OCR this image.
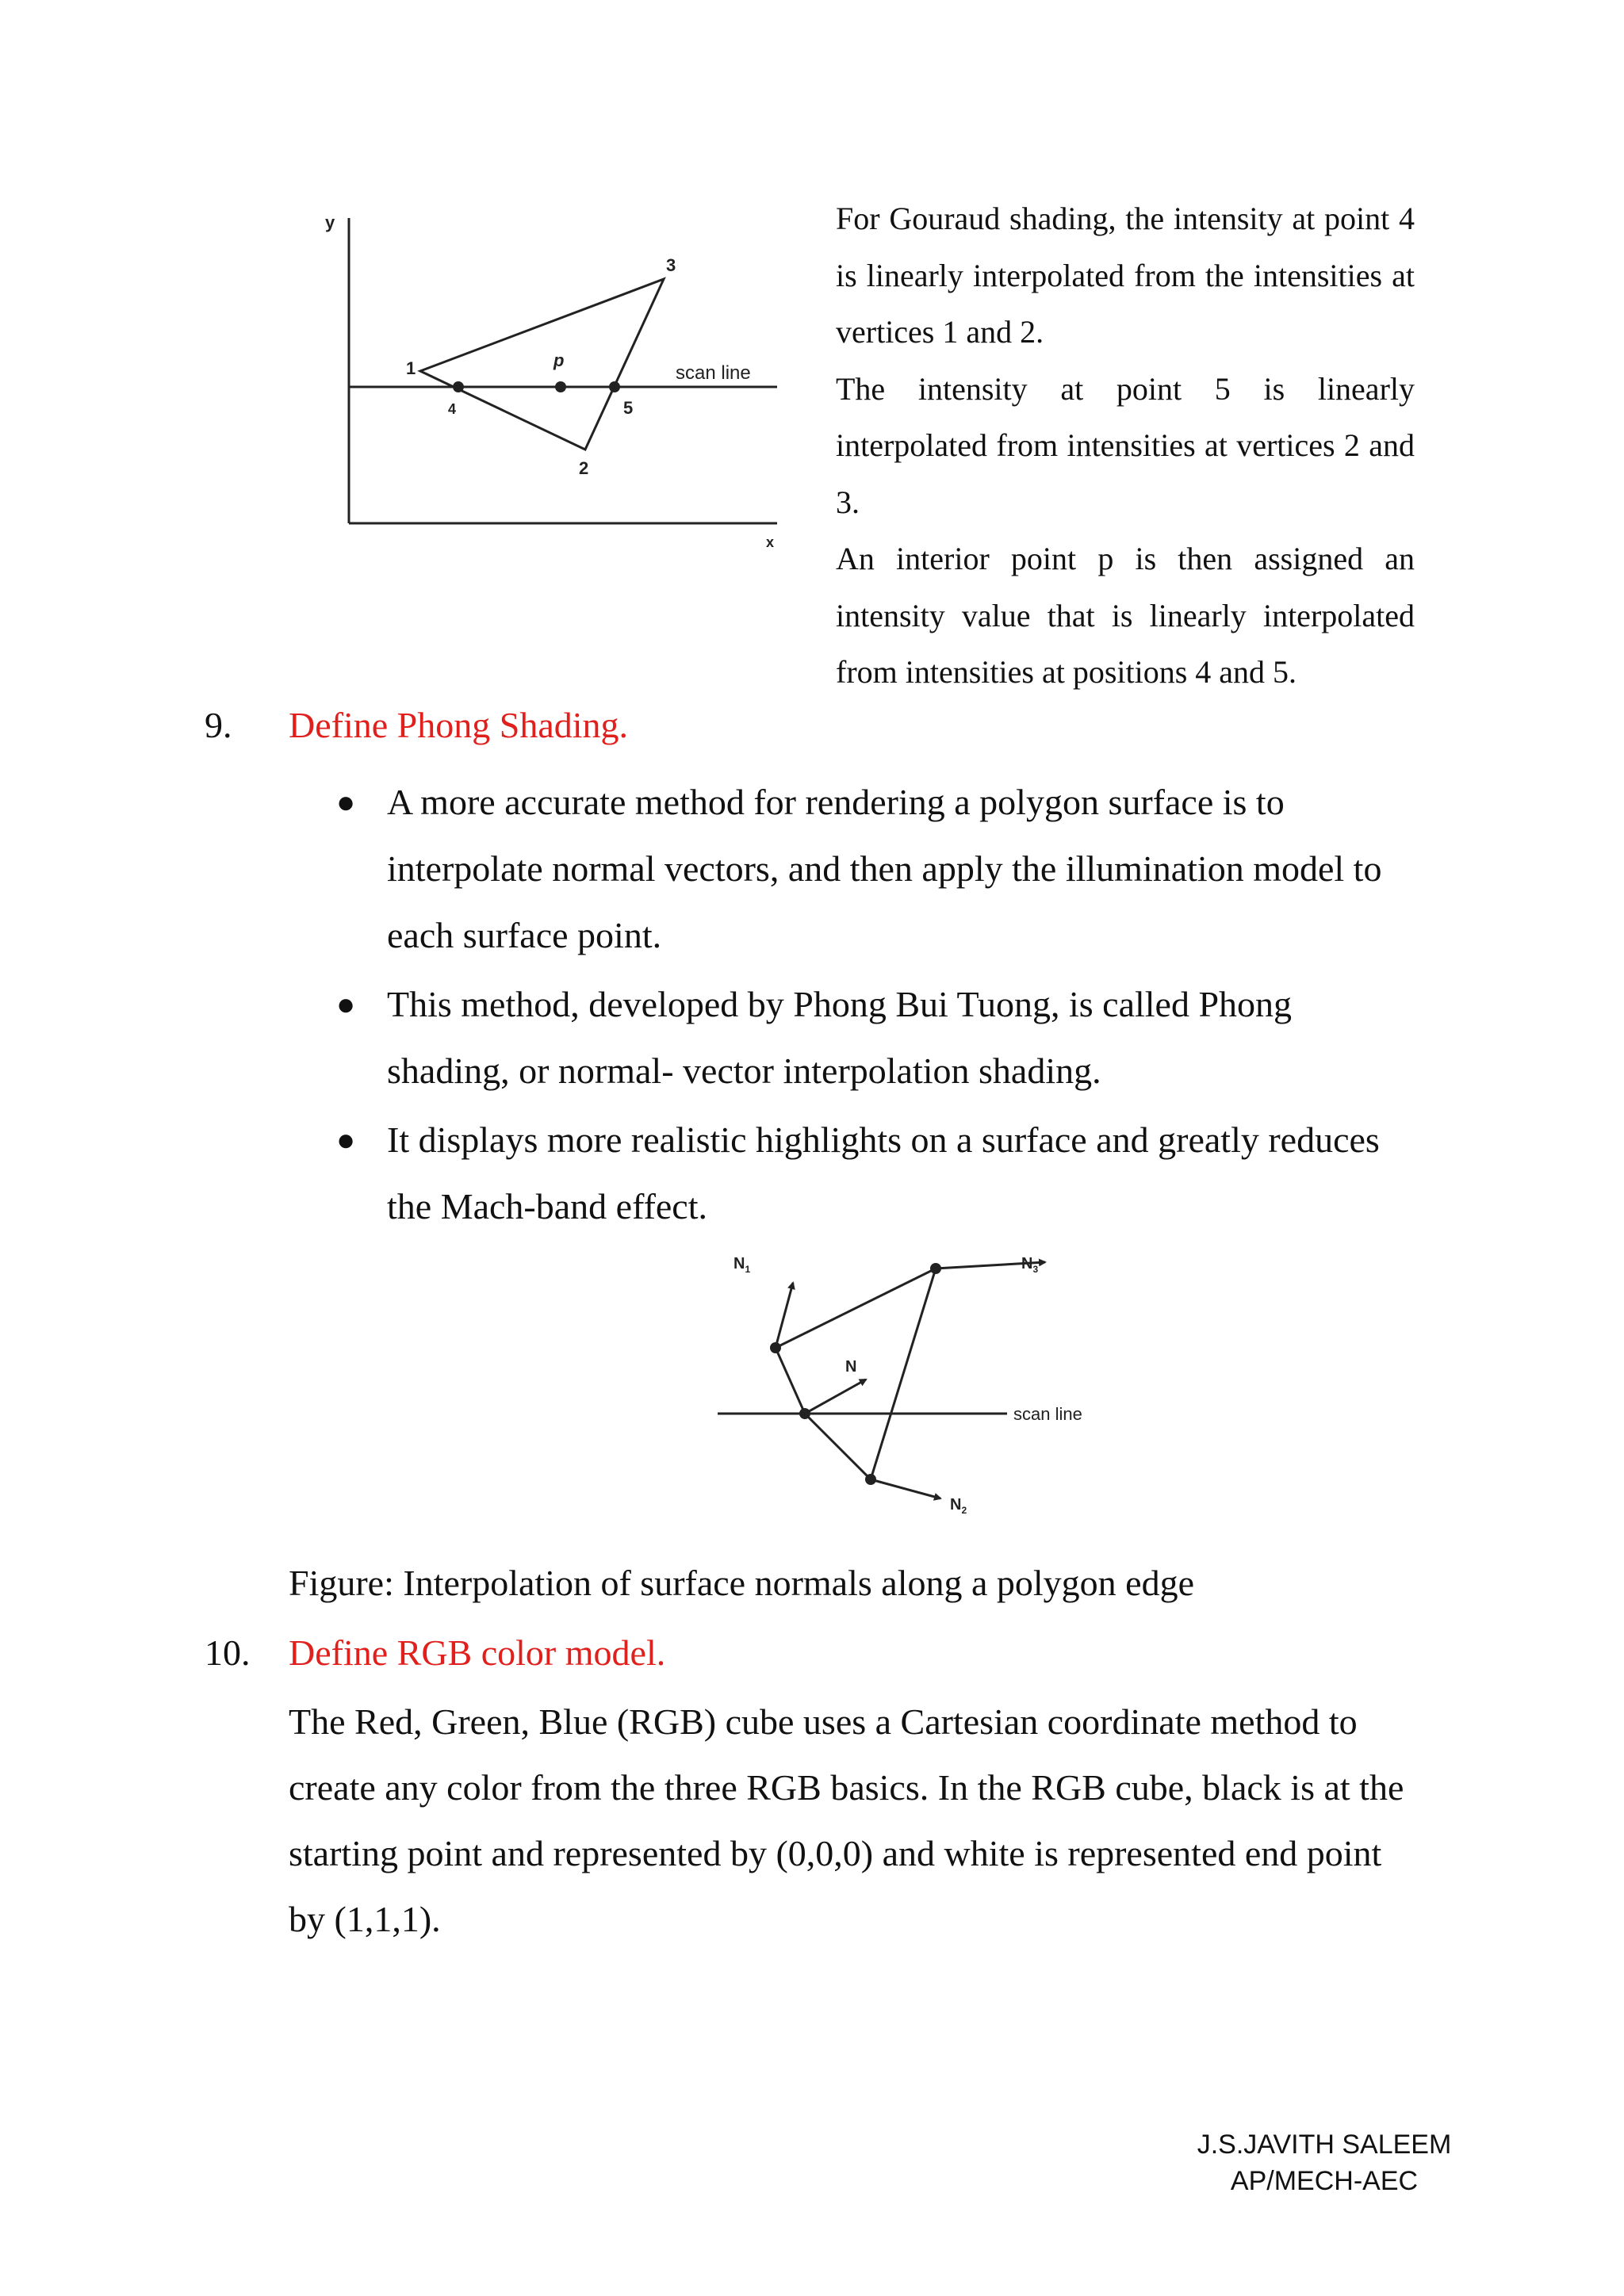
y
x
1
2
3
4	5
p
scan line

For Gouraud shading, the intensity at point 4 is linearly interpolated from the intensities at vertices 1 and 2.

The intensity at point 5 is linearly interpolated from intensities at vertices 2 and 3.

An interior point p is then assigned an intensity value that is linearly interpolated from intensities at positions 4 and 5.

9. Define Phong Shading.
● A more accurate method for rendering a polygon surface is to interpolate normal vectors, and then apply the illumination model to each surface point.
● This method, developed by Phong Bui Tuong, is called Phong shading, or normal- vector interpolation shading.
● It displays more realistic highlights on a surface and greatly reduces the Mach-band effect.
$N_1$	$N_3$
$N_2$
N
scan line
Figure: Interpolation of surface normals along a polygon edge
10. Define RGB color model.
The Red, Green, Blue (RGB) cube uses a Cartesian coordinate method to create any color from the three RGB basics. In the RGB cube, black is at the starting point and represented by (0,0,0) and white is represented end point by (1,1,1).
J.S.JAVITH SALEEM
AP/MECH-AEC
